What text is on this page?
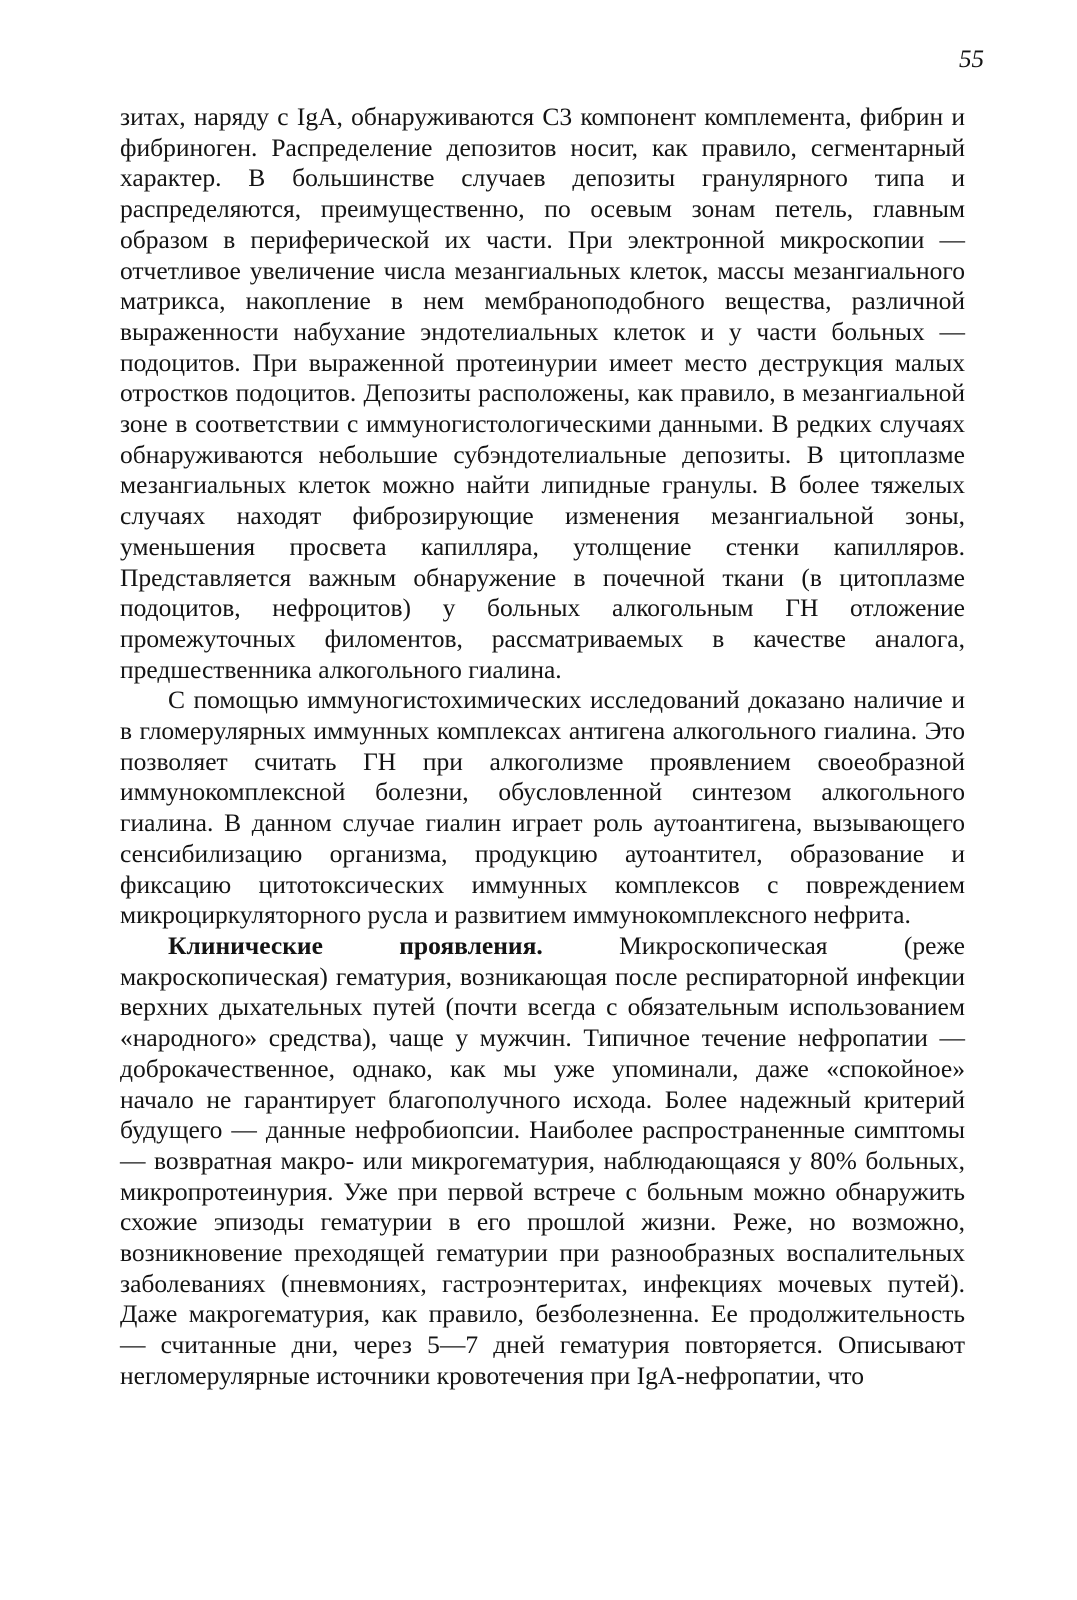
55

зитах, наряду с IgA, обнаруживаются С3 компонент комплемента, фибрин и фибриноген. Распределение депозитов носит, как правило, сегментарный характер. В большинстве случаев депозиты гранулярного типа и распределяются, преимущественно, по осевым зонам петель, главным образом в периферической их части. При электронной микроскопии — отчетливое увеличение числа мезангиальных клеток, массы мезангиального матрикса, накопление в нем мембраноподобного вещества, различной выраженности набухание эндотелиальных клеток и у части больных — подоцитов. При выраженной протеинурии имеет место деструкция малых отростков подоцитов. Депозиты расположены, как правило, в мезангиальной зоне в соответствии с иммуногистологическими данными. В редких случаях обнаруживаются небольшие субэндотелиальные депозиты. В цитоплазме мезангиальных клеток можно найти липидные гранулы. В более тяжелых случаях находят фиброзирующие изменения мезангиальной зоны, уменьшения просвета капилляра, утолщение стенки капилляров. Представляется важным обнаружение в почечной ткани (в цитоплазме подоцитов, нефроцитов) у больных алкогольным ГН отложение промежуточных филоментов, рассматриваемых в качестве аналога, предшественника алкогольного гиалина.

С помощью иммуногистохимических исследований доказано наличие и в гломерулярных иммунных комплексах антигена алкогольного гиалина. Это позволяет считать ГН при алкоголизме проявлением своеобразной иммунокомплексной болезни, обусловленной синтезом алкогольного гиалина. В данном случае гиалин играет роль аутоантигена, вызывающего сенсибилизацию организма, продукцию аутоантител, образование и фиксацию цитотоксических иммунных комплексов с повреждением микроциркуляторного русла и развитием иммунокомплексного нефрита.

Клинические проявления. Микроскопическая (реже макроскопическая) гематурия, возникающая после респираторной инфекции верхних дыхательных путей (почти всегда с обязательным использованием «народного» средства), чаще у мужчин. Типичное течение нефропатии — доброкачественное, однако, как мы уже упоминали, даже «спокойное» начало не гарантирует благополучного исхода. Более надежный критерий будущего — данные нефробиопсии. Наиболее распространенные симптомы — возвратная макро- или микрогематурия, наблюдающаяся у 80% больных, микропротеинурия. Уже при первой встрече с больным можно обнаружить схожие эпизоды гематурии в его прошлой жизни. Реже, но возможно, возникновение преходящей гематурии при разнообразных воспалительных заболеваниях (пневмониях, гастроэнтеритах, инфекциях мочевых путей). Даже макрогематурия, как правило, безболезненна. Ее продолжительность — считанные дни, через 5—7 дней гематурия повторяется. Описывают негломерулярные источники кровотечения при IgA-нефропатии, что
